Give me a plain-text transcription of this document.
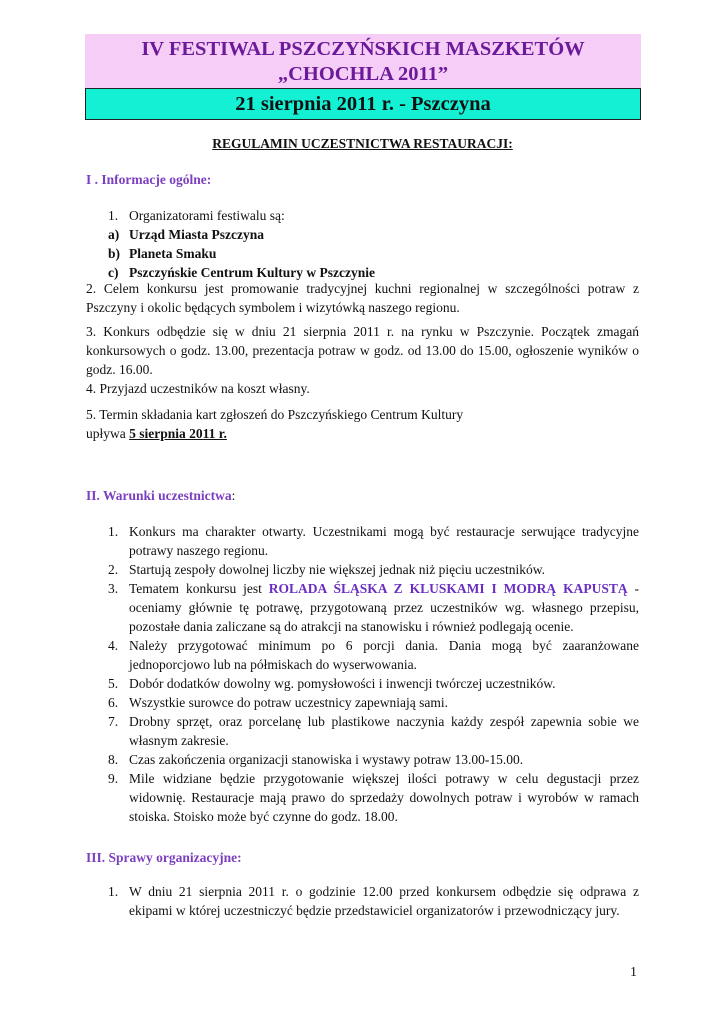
IV FESTIWAL PSZCZYŃSKICH MASZKETÓW
„CHOCHLA 2011”
21 sierpnia 2011 r. - Pszczyna
REGULAMIN UCZESTNICTWA RESTAURACJI:
I . Informacje ogólne:
1. Organizatorami festiwalu są:
a) Urząd Miasta Pszczyna
b) Planeta Smaku
c) Pszczyńskie Centrum Kultury w Pszczynie

2. Celem konkursu jest promowanie tradycyjnej kuchni regionalnej w szczególności potraw z Pszczyny i okolic będących symbolem i wizytówką naszego regionu.

3. Konkurs odbędzie się w dniu 21 sierpnia 2011 r. na rynku w Pszczynie. Początek zmagań konkursowych o godz. 13.00, prezentacja potraw w godz. od 13.00 do 15.00, ogłoszenie wyników o godz. 16.00.

4. Przyjazd uczestników na koszt własny.

5. Termin składania kart zgłoszeń do Pszczyńskiego Centrum Kultury

upływa 5 sierpnia 2011 r.

II. Warunki uczestnictwa:
1. Konkurs ma charakter otwarty. Uczestnikami mogą być restauracje serwujące tradycyjne potrawy naszego regionu.
2. Startują zespoły dowolnej liczby nie większej jednak niż pięciu uczestników.
3. Tematem konkursu jest ROLADA ŚLĄSKA Z KLUSKAMI I MODRĄ KAPUSTĄ - oceniamy głównie tę potrawę, przygotowaną przez uczestników wg. własnego przepisu, pozostałe dania zaliczane są do atrakcji na stanowisku i również podlegają ocenie.
4. Należy przygotować minimum po 6 porcji dania. Dania mogą być zaaranżowane jednoporcjowo lub na półmiskach do wyserwowania.
5. Dobór dodatków dowolny wg. pomysłowości i inwencji twórczej uczestników.
6. Wszystkie surowce do potraw uczestnicy zapewniają sami.
7. Drobny sprzęt, oraz porcelanę lub plastikowe naczynia każdy zespół zapewnia sobie we własnym zakresie.
8. Czas zakończenia organizacji stanowiska i wystawy potraw 13.00-15.00.
9. Mile widziane będzie przygotowanie większej ilości potrawy w celu degustacji przez widownię. Restauracje mają prawo do sprzedaży dowolnych potraw i wyrobów w ramach stoiska. Stoisko może być czynne do godz. 18.00.
III. Sprawy organizacyjne:
1. W dniu 21 sierpnia 2011 r. o godzinie 12.00 przed konkursem odbędzie się odprawa z ekipami w której uczestniczyć będzie przedstawiciel organizatorów i przewodniczący jury.
1
